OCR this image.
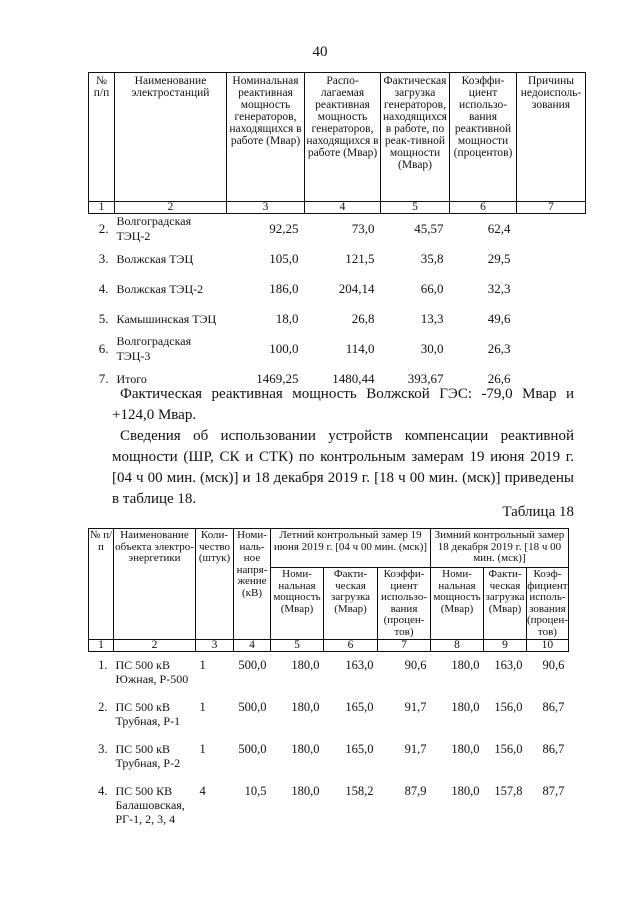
40
№ п/п	Наименование электростанций	Номинальная реактивная мощность генераторов, находящихся в работе (Мвар)	Распо-лагаемая реактивная мощность генераторов, находящихся в работе (Мвар)	Фактическая загрузка генераторов, находящихся в работе, по реак-тивной мощности (Мвар)	Коэффи-циент использо-вания реактивной мощности (процентов)	Причины недоисполь-зования
1	2	3	4	5	6	7
2.	Волгоградская ТЭЦ-2	92,25	73,0	45,57	62,4	
3.	Волжская ТЭЦ	105,0	121,5	35,8	29,5	
4.	Волжская ТЭЦ-2	186,0	204,14	66,0	32,3	
5.	Камышинская ТЭЦ	18,0	26,8	13,3	49,6	
6.	Волгоградская ТЭЦ-3	100,0	114,0	30,0	26,3	
7.	Итого	1469,25	1480,44	393,67	26,6	

Фактическая реактивная мощность Волжской ГЭС: -79,0 Мвар и +124,0 Мвар.

Сведения об использовании устройств компенсации реактивной мощности (ШР, СК и СТК) по контрольным замерам 19 июня 2019 г. [04 ч 00 мин. (мск)] и 18 декабря 2019 г. [18 ч 00 мин. (мск)] приведены в таблице 18.

Таблица 18
№ п/п	Наименование объекта электро-энергетики	Коли-чество (штук)	Номи-наль-ное напря-жение (кВ)	Летний контрольный замер 19 июня 2019 г. [04 ч 00 мин. (мск)]			Зимний контрольный замер 18 декабря 2019 г. [18 ч 00 мин. (мск)]		
				Номи-нальная мощность (Мвар)	Факти-ческая загрузка (Мвар)	Коэффи-циент использо-вания (процен-тов)	Номи-нальная мощность (Мвар)	Факти-ческая загрузка (Мвар)	Коэф-фициент исполь-зования (процен-тов)
1	2	3	4	5	6	7	8	9	10
1.	ПС 500 кВ Южная, Р-500	1	500,0	180,0	163,0	90,6	180,0	163,0	90,6
2.	ПС 500 кВ Трубная, Р-1	1	500,0	180,0	165,0	91,7	180,0	156,0	86,7
3.	ПС 500 кВ Трубная, Р-2	1	500,0	180,0	165,0	91,7	180,0	156,0	86,7
4.	ПС 500 КВ Балашовская, РГ-1, 2, 3, 4	4	10,5	180,0	158,2	87,9	180,0	157,8	87,7
